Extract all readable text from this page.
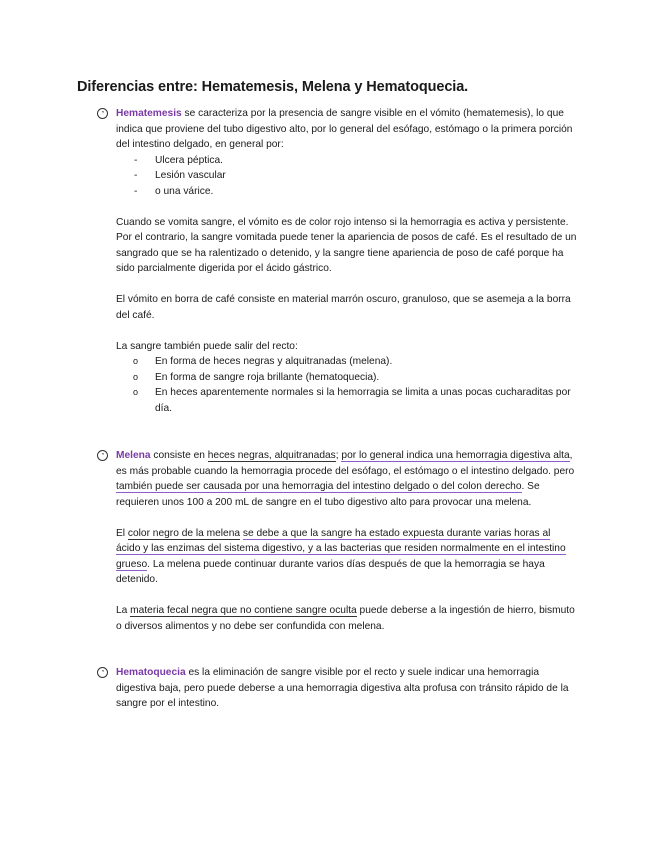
Diferencias entre: Hematemesis, Melena y Hematoquecia.
◔	Hematemesis se caracteriza por la presencia de sangre visible en el vómito (hematemesis), lo que indica que proviene del tubo digestivo alto, por lo general del esófago, estómago o la primera porción del intestino delgado, en general por:

- Ulcera péptica.
- Lesión vascular
- o una várice.

Cuando se vomita sangre, el vómito es de color rojo intenso si la hemorragia es activa y persistente. Por el contrario, la sangre vomitada puede tener la apariencia de posos de café. Es el resultado de un sangrado que se ha ralentizado o detenido, y la sangre tiene apariencia de poso de café porque ha sido parcialmente digerida por el ácido gástrico.

El vómito en borra de café consiste en material marrón oscuro, granuloso, que se asemeja a la borra del café.

La sangre también puede salir del recto:

o En forma de heces negras y alquitranadas (melena).
o En forma de sangre roja brillante (hematoquecia).
o En heces aparentemente normales si la hemorragia se limita a unas pocas cucharaditas por día.
◔	Melena consiste en heces negras, alquitranadas; por lo general indica una hemorragia digestiva alta, es más probable cuando la hemorragia procede del esófago, el estómago o el intestino delgado. pero también puede ser causada por una hemorragia del intestino delgado o del colon derecho. Se requieren unos 100 a 200 mL de sangre en el tubo digestivo alto para provocar una melena.

El color negro de la melena se debe a que la sangre ha estado expuesta durante varias horas al ácido y las enzimas del sistema digestivo, y a las bacterias que residen normalmente en el intestino grueso. La melena puede continuar durante varios días después de que la hemorragia se haya detenido.

La materia fecal negra que no contiene sangre oculta puede deberse a la ingestión de hierro, bismuto o diversos alimentos y no debe ser confundida con melena.

◔	Hematoquecia es la eliminación de sangre visible por el recto y suele indicar una hemorragia digestiva baja, pero puede deberse a una hemorragia digestiva alta profusa con tránsito rápido de la sangre por el intestino.
